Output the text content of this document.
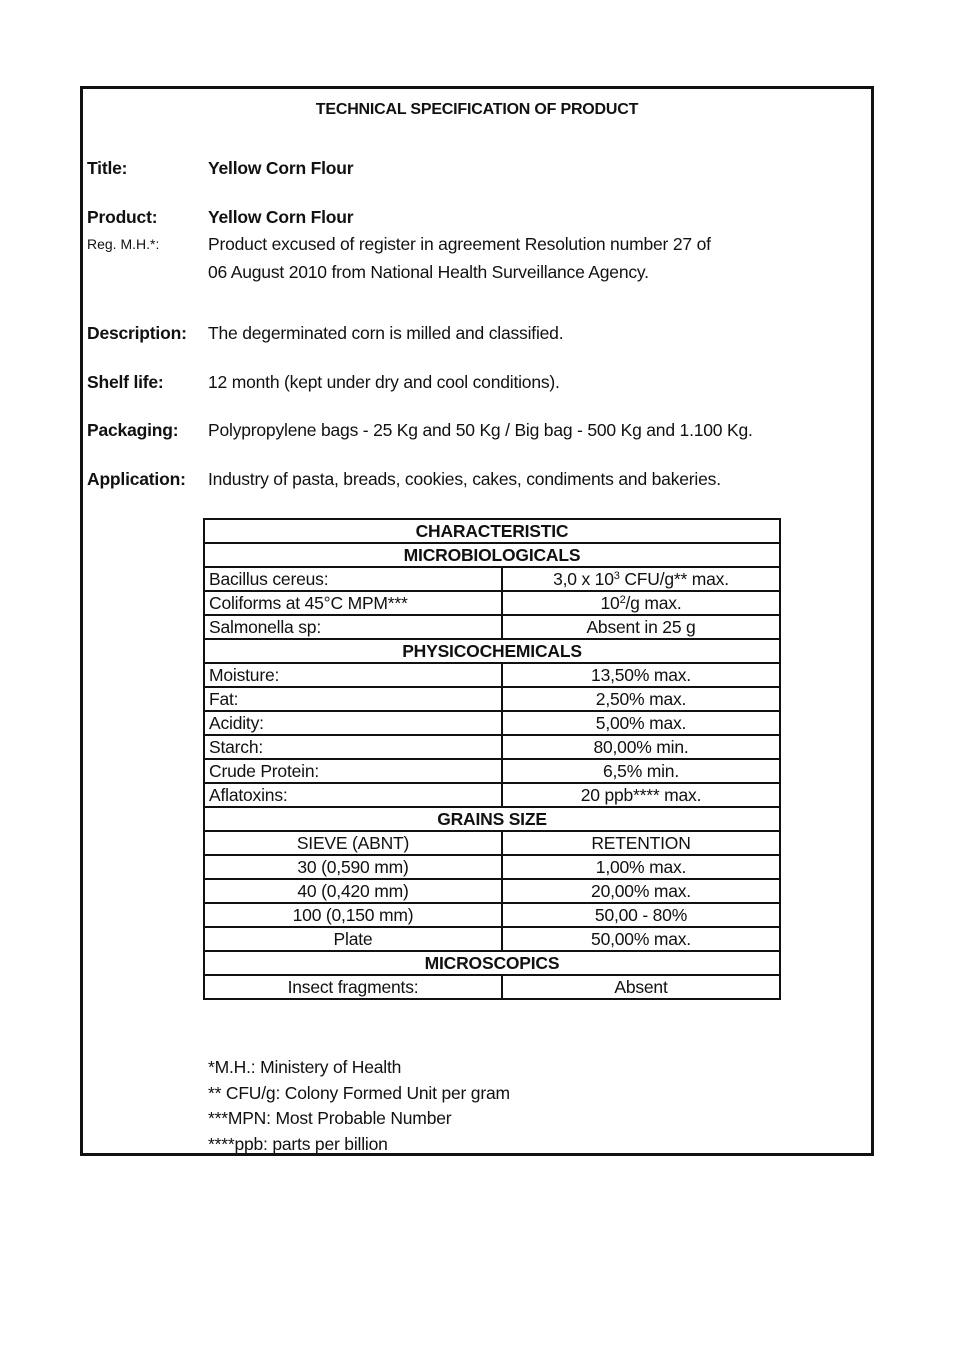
TECHNICAL SPECIFICATION OF PRODUCT
Title:	Yellow Corn Flour
Product:	Yellow Corn Flour
Reg. M.H.*:	Product excused of register in agreement Resolution number 27 of
06 August 2010 from National Health Surveillance Agency.
Description: The degerminated corn is milled and classified.
Shelf life:	12 month (kept under dry and cool conditions).
Packaging: Polypropylene bags - 25 Kg and 50 Kg / Big bag - 500 Kg and 1.100 Kg.
Application: Industry of pasta, breads, cookies, cakes, condiments and bakeries.
CHARACTERISTIC	
MICROBIOLOGICALS	
Bacillus cereus:	3,0 x $10^3$ CFU/g** max.
Coliforms at 45°C MPM***	$10^2/g$ max.
Salmonella sp:	Absent in 25 g
PHYSICOCHEMICALS	
Moisture:	13,50% max.
Fat:	2,50% max.
Acidity:	5,00% max.
Starch:	80,00% min.
Crude Protein:	6,5% min.
Aflatoxins:	20 ppb**** max.
GRAINS SIZE	
SIEVE (ABNT)	RETENTION
30 (0,590 mm)	1,00% max.
40 (0,420 mm)	20,00% max.
100 (0,150 mm)	50,00 - 80%
Plate	50,00% max.
MICROSCOPICS	
Insect fragments:	Absent
*M.H.: Ministery of Health
** CFU/g: Colony Formed Unit per gram
***MPN: Most Probable Number
****ppb: parts per billion
